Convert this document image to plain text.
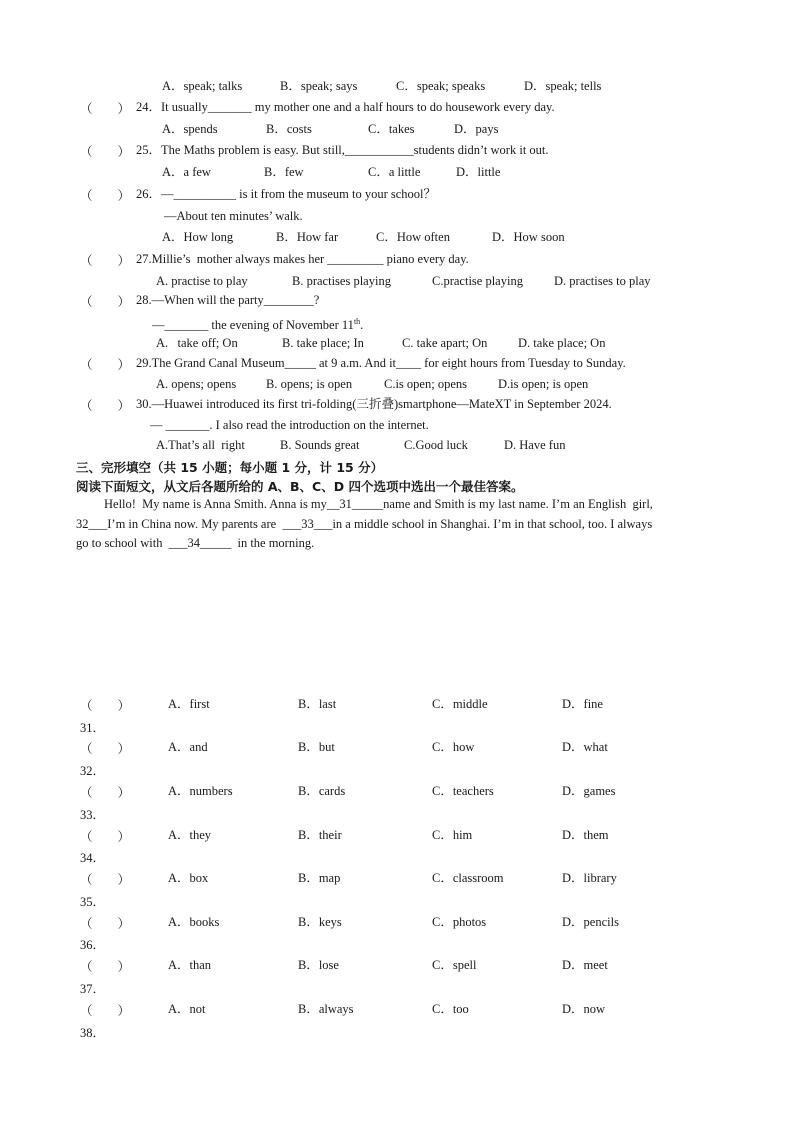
A．speak; talks	B．speak; says	C．speak; speaks	D．speak; tells
（　　） 24．It usually_______ my mother one and a half hours to do housework every day.
A．spends	B．costs	C．takes	D．pays
（　　） 25．The Maths problem is easy. But still,___________students didn’t work it out.
A．a few	B．few	C．a little	D．little
（　　） 26．—__________ is it from the museum to your school？
—About ten minutes’ walk.
A．How long	B．How far	C．How often	D．How soon
（　　） 27.Millie’s  mother always makes her _________ piano every day.
A. practise to play	B. practises playing	C.practise playing D. practises to play
（　　） 28.—When will the party________?
—_______ the evening of November 11th.
A.   take off; On	B. take place; In	C. take apart; On D. take place; On
（　　） 29.The Grand Canal Museum_____ at 9 a.m. And it____ for eight hours from Tuesday to Sunday.
A. opens; opens B. opens; is open	C.is open; opens D.is open; is open
（　　） 30.—Huawei introduced its first tri-folding(三折叠)smartphone—MateXT in September 2024.
— _______. I also read the introduction on the internet.
A.That’s all  right	B. Sounds great	C.Good luck	D. Have fun
三、完形填空（共 15 小题；每小题 1 分，计 15 分）
阅读下面短文，从文后各题所给的 A、B、C、D 四个选项中选出一个最佳答案。
Hello!  My name is Anna Smith. Anna is my__31_____name and Smith is my last name. I’m an English  girl,
32___I’m in China now. My parents are  ___33___in a middle school in Shanghai. I’m in that school, too. I always
go to school with  ___34_____  in the morning.
（　　）
31．
A．first	B．last	C．middle	D．fine
（　　）
32．
A．and	B．but	C．how	D．what
（　　）
33．
A．numbers	B．cards	C．teachers	D．games
（　　）
34．
A．they	B．their	C．him	D．them
（　　）
35．
A．box	B．map	C．classroom	D．library
（　　）
36．
A．books	B．keys	C．photos	D．pencils
（　　）
37．
A．than	B．lose	C．spell	D．meet
（　　）
38．
A．not	B．always	C．too	D．now
